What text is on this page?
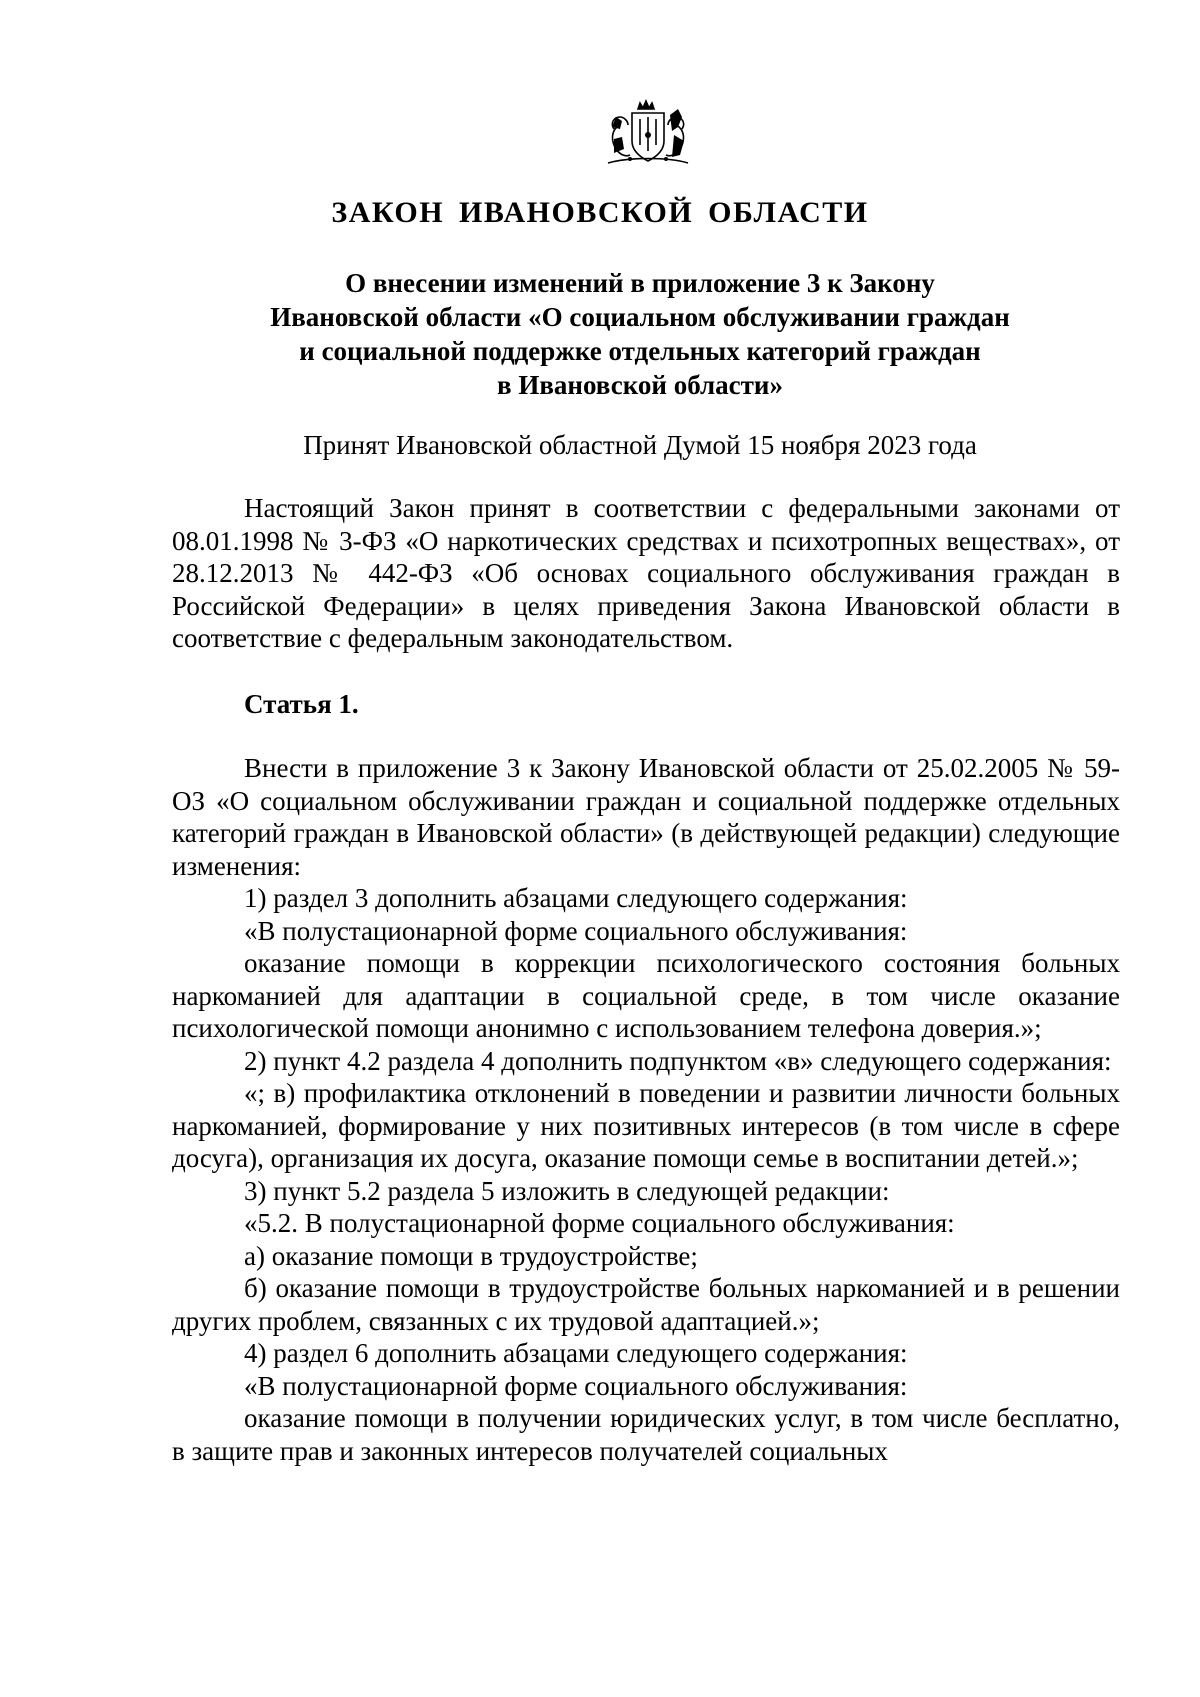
ЗАКОН ИВАНОВСКОЙ ОБЛАСТИ
О внесении изменений в приложение 3 к Закону
Ивановской области «О социальном обслуживании граждан
и социальной поддержке отдельных категорий граждан
в Ивановской области»

Принят Ивановской областной Думой 15 ноября 2023 года

Настоящий Закон принят в соответствии с федеральными законами от 08.01.1998 № 3-ФЗ «О наркотических средствах и психотропных веществах», от 28.12.2013 № 442-ФЗ «Об основах социального обслуживания граждан в Российской Федерации» в целях приведения Закона Ивановской области в соответствие с федеральным законодательством.

Статья 1.

Внести в приложение 3 к Закону Ивановской области от 25.02.2005 № 59-ОЗ «О социальном обслуживании граждан и социальной поддержке отдельных категорий граждан в Ивановской области» (в действующей редакции) следующие изменения:

1) раздел 3 дополнить абзацами следующего содержания:

«В полустационарной форме социального обслуживания:

оказание помощи в коррекции психологического состояния больных наркоманией для адаптации в социальной среде, в том числе оказание психологической помощи анонимно с использованием телефона доверия.»;

2) пункт 4.2 раздела 4 дополнить подпунктом «в» следующего содержания:

«; в) профилактика отклонений в поведении и развитии личности больных наркоманией, формирование у них позитивных интересов (в том числе в сфере досуга), организация их досуга, оказание помощи семье в воспитании детей.»;

3) пункт 5.2 раздела 5 изложить в следующей редакции:

«5.2. В полустационарной форме социального обслуживания:

а) оказание помощи в трудоустройстве;

б) оказание помощи в трудоустройстве больных наркоманией и в решении других проблем, связанных с их трудовой адаптацией.»;

4) раздел 6 дополнить абзацами следующего содержания:

«В полустационарной форме социального обслуживания:

оказание помощи в получении юридических услуг, в том числе бесплатно, в защите прав и законных интересов получателей социальных
